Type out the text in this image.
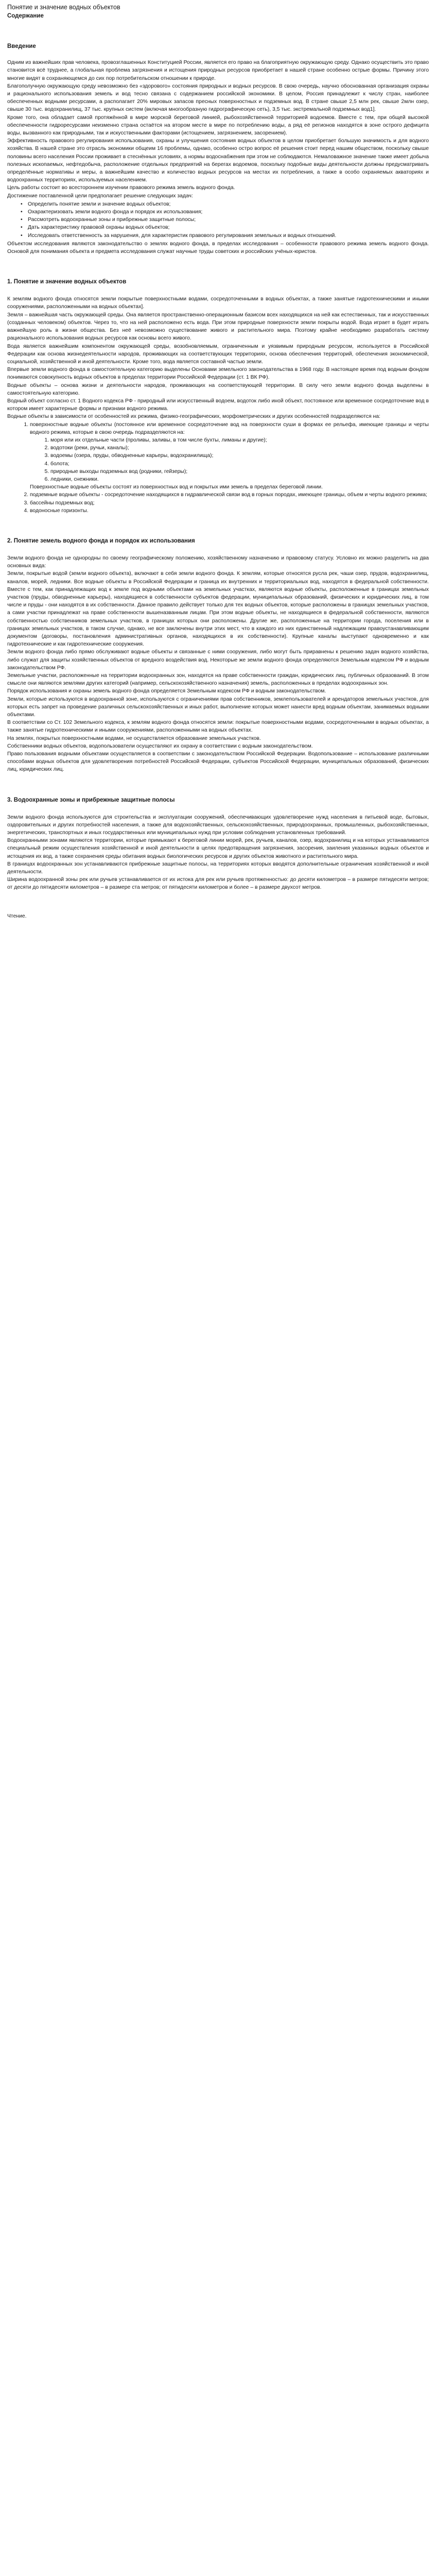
Понятие и значение водных объектов
Содержание
Введение

Одним из важнейших прав человека, провозглашенных Конституцией России, является его право на благоприятную окружающую среду. Однако осуществить это право становится всё труднее, а глобальная проблема загрязнения и истощения природных ресурсов приобретает в нашей стране особенно острые формы. Причину этого многие видят в сохраняющемся до сих пор потребительском отношении к природе.

Благополучную окружающую среду невозможно без «здорового» состояния природных и водных ресурсов. В свою очередь, научно обоснованная организация охраны и рационального использования земель и вод тесно связана с содержанием российской экономики. В целом, Россия принадлежит к числу стран, наиболее обеспеченных водными ресурсами, а располагает 20% мировых запасов пресных поверхностных и подземных вод. В стране свыше 2,5 млн рек, свыше 2млн озер, свыше 30 тыс. водохранилищ, 37 тыс. крупных систем (включая многообразную гидрографическую сеть), 3,5 тыс. экстремальной подземных вод1].

Кроме того, она обладает самой протяжённой в мире морской береговой линией, рыбохозяйственной территорией водоемов. Вместе с тем, при общей высокой обеспеченности гидроресурсами неизменно страна остаётся на втором месте в мире по потреблению воды, а ряд её регионов находятся в зоне острого дефицита воды, вызванного как природными, так и искусственными факторами (истощением, загрязнением, засорением).

Эффективность правового регулирования использования, охраны и улучшения состояния водных объектов в целом приобретает большую значимость и для водного хозяйства. В нашей стране это отрасль экономики общеим 16 проблемы, однако, особенно остро вопрос её решения стоит перед нашим обществом, поскольку свыше половины всего населения России проживает в стеснённых условиях, а нормы водоснабжения при этом не соблюдаются. Немаловажное значение также имеет добыча полезных ископаемых, нефтедобыча, расположение отдельных предприятий на берегах водоемов, поскольку подобные виды деятельности должны предусматривать определённые нормативы и меры, а важнейшим качество и количество водных ресурсов на местах их потребления, а также в особо охраняемых акваториях и водоохранных территориях, используемых населением.

Цель работы состоит во всестороннем изучении правового режима земель водного фонда.

Достижение поставленной цели предполагает решение следующих задач:

• Определить понятие земли и значение водных объектов;
• Охарактеризовать земли водного фонда и порядок их использования;
• Рассмотреть водоохранные зоны и прибрежные защитные полосы;
• Дать характеристику правовой охраны водных объектов;
• Исследовать ответственность за нарушения, для характеристик правового регулирования земельных и водных отношений.

Объектом исследования являются законодательство о землях водного фонда, в пределах исследования – особенности правового режима земель водного фонда. Основой для понимания объекта и предмета исследования служат научные труды советских и российских учёных-юристов.

1. Понятие и значение водных объектов

К землям водного фонда относятся земли покрытые поверхностными водами, сосредоточенными в водных объектах, а также занятые гидротехническими и иными сооружениями, расположенными на водных объектах].

Земля – важнейшая часть окружающей среды. Она является пространственно-операционным базисом всех находящихся на ней как естественных, так и искусственных (созданных человеком) объектов. Через то, что на ней расположено есть вода. При этом природные поверхности земли покрыты водой. Вода играет в будет играть важнейшую роль в жизни общества. Без неё невозможно существование живого и растительного мира. Поэтому крайне необходимо разработать систему рационального использования водных ресурсов как основы всего живого.

Вода является важнейшим компонентом окружающей среды, возобновляемым, ограниченным и уязвимым природным ресурсом, используется в Российской Федерации как основа жизнедеятельности народов, проживающих на соответствующих территориях, основа обеспечения территорий, обеспечения экономической, социальной, хозяйственной и иной деятельности. Кроме того, вода является составной частью земли.

Впервые земли водного фонда в самостоятельную категорию выделены Основами земельного законодательства в 1968 году. В настоящее время под водным фондом понимаются совокупность водных объектов в пределах территории Российской Федерации (ст. 1 ВК РФ).

Водные объекты – основа жизни и деятельности народов, проживающих на соответствующей территории. В силу чего земли водного фонда выделены в самостоятельную категорию.

Водный объект согласно ст. 1 Водного кодекса РФ - природный или искусственный водоем, водоток либо иной объект, постоянное или временное сосредоточение вод в котором имеет характерные формы и признаки водного режима.

Водные объекты в зависимости от особенностей их режима, физико-географических, морфометрических и других особенностей подразделяются на:

1. поверхностные водные объекты (постоянное или временное сосредоточение вод на поверхности суши в формах ее рельефа, имеющие границы и черты водного режима, которые в свою очередь подразделяются на:
1. моря или их отдельные части (проливы, заливы, в том числе бухты, лиманы и другие);
2. водотоки (реки, ручьи, каналы);
3. водоемы (озера, пруды, обводненные карьеры, водохранилища);
4. болота;
5. природные выходы подземных вод (родники, гейзеры);
6. ледники, снежники.

Поверхностные водные объекты состоят из поверхностных вод и покрытых ими земель в пределах береговой линии.

2. подземные водные объекты - сосредоточение находящихся в гидравлической связи вод в горных породах, имеющее границы, объем и черты водного режима;
3. бассейны подземных вод;
4. водоносные горизонты.
2. Понятие земель водного фонда и порядок их использования

Земли водного фонда не однородны по своему географическому положению, хозяйственному назначению и правовому статусу. Условно их можно разделить на два основных вида:

Земли, покрытые водой (земли водного объекта), включают в себя земли водного фонда. К землям, которые относятся русла рек, чаши озер, прудов, водохранилищ, каналов, морей, ледники. Все водные объекты в Российской Федерации и граница их внутренних и территориальных вод, находятся в федеральной собственности. Вместе с тем, как принадлежащих вод к земле под водными объектами на земельных участках, являются водные объекты, расположенные в границах земельных участков (пруды, обводненные карьеры), находящиеся в собственности субъектов федерации, муниципальных образований, физических и юридических лиц, в том числе и пруды - они находятся в их собственности. Данное правило действует только для тех водных объектов, которые расположены в границах земельных участков, а сами участки принадлежат на праве собственности вышеназванным лицам. При этом водные объекты, не находящиеся в федеральной собственности, являются собственностью собственников земельных участков, в границах которых они расположены. Другие же, расположенные на территории города, поселения или в границах земельных участков, в таком случае, однако, не все заключены внутри этих мест, что в каждого из них единственный надлежащим правоустанавливающим документом (договоры, постановления административных органов, находящихся в их собственности). Крупные каналы выступают одновременно и как гидротехнические и как гидротехнические сооружения.

Земли водного фонда либо прямо обслуживают водные объекты и связанные с ними сооружения, либо могут быть приравнены к решению задач водного хозяйства, либо служат для защиты хозяйственных объектов от вредного воздействия вод. Некоторые же земли водного фонда определяются Земельным кодексом РФ и водным законодательством РФ.

Земельные участки, расположенные на территории водоохранных зон, находятся на праве собственности граждан, юридических лиц, публичных образований. В этом смысле они являются землями других категорий (например, сельскохозяйственного назначения) земель, расположенных в пределах водоохранных зон.

Порядок использования и охраны земель водного фонда определяется Земельным кодексом РФ и водным законодательством.

Земли, которые используются в водоохранной зоне, используются с ограничениями прав собственников, землепользователей и арендаторов земельных участков, для которых есть запрет на проведение различных сельскохозяйственных и иных работ, выполнение которых может нанести вред водным объектам, занимаемых водными объектами.

В соответствии со Ст. 102 Земельного кодекса, к землям водного фонда относятся земли: покрытые поверхностными водами, сосредоточенными в водных объектах, а также занятые гидротехническими и иными сооружениями, расположенными на водных объектах.

На землях, покрытых поверхностными водами, не осуществляется образование земельных участков.

Собственники водных объектов, водопользователи осуществляют их охрану в соответствии с водным законодательством.

Право пользования водными объектами осуществляется в соответствии с законодательством Российской Федерации. Водопользование – использование различными способами водных объектов для удовлетворения потребностей Российской Федерации, субъектов Российской Федерации, муниципальных образований, физических лиц, юридических лиц.

3. Водоохранные зоны и прибрежные защитные полосы

Земли водного фонда используются для строительства и эксплуатации сооружений, обеспечивающих удовлетворение нужд населения в питьевой воде, бытовых, оздоровительных и других потребностей населения, а также для водохозяйственных, сельскохозяйственных, природоохранных, промышленных, рыбохозяйственных, энергетических, транспортных и иных государственных или муниципальных нужд при условии соблюдения установленных требований.

Водоохранными зонами являются территории, которые примыкают к береговой линии морей, рек, ручьев, каналов, озер, водохранилищ и на которых устанавливается специальный режим осуществления хозяйственной и иной деятельности в целях предотвращения загрязнения, засорения, заиления указанных водных объектов и истощения их вод, а также сохранения среды обитания водных биологических ресурсов и других объектов животного и растительного мира.

В границах водоохранных зон устанавливаются прибрежные защитные полосы, на территориях которых вводятся дополнительные ограничения хозяйственной и иной деятельности.

Ширина водоохранной зоны рек или ручьев устанавливается от их истока для рек или ручьев протяженностью: до десяти километров – в размере пятидесяти метров; от десяти до пятидесяти километров – в размере ста метров; от пятидесяти километров и более – в размере двухсот метров.

Чтение.
